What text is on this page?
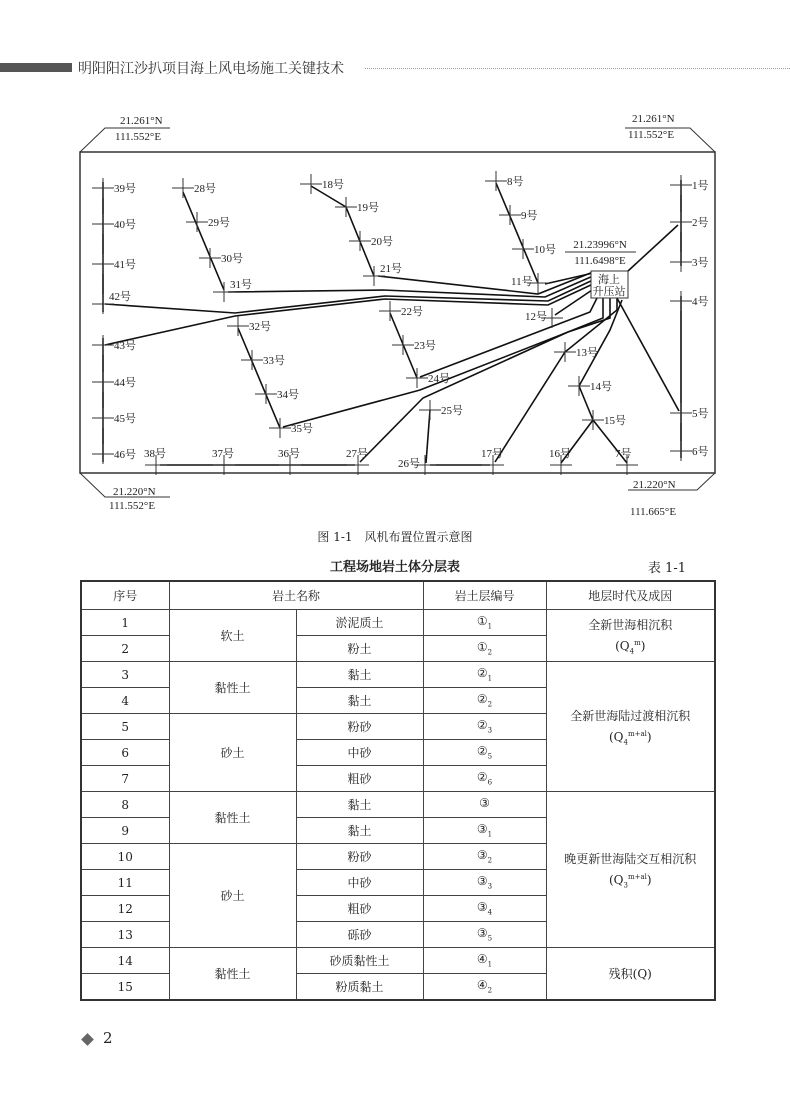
明阳阳江沙扒项目海上风电场施工关键技术
1号
2号
3号
4号
5号
6号
7号
8号
9号
10号
11号
12号
13号
14号
15号
16号
17号
18号
19号
20号
21号
22号
23号
24号
25号
26号
27号
28号
29号
30号
31号
32号
33号
34号
35号
36号
37号
38号
39号
40号
41号
42号
43号
44号
45号
46号
海上
升压站
21.23996°N
111.6498°E
21.261°N
111.552°E
21.261°N
111.552°E
21.220°N
111.552°E
21.220°N
111.665°E
图 1-1　风机布置位置示意图
工程场地岩土体分层表	表 1-1
序号	岩土名称		岩土层编号	地层时代及成因
1	软土	淤泥质土	$①_1$	全新世海相沉积
$(Q_4^m)$

2		粉土	$①_2$
3	黏性土	黏土	$②_1$	全新世海陆过渡相沉积
$(Q_4^{m+al})$

4		黏土	$②_2$
5	砂土	粉砂	$②_3$
6		中砂	$②_5$
7		粗砂	$②_6$
8	黏性土	黏土	③	晚更新世海陆交互相沉积
$(Q_3^{m+al})$

9		黏土	$③_1$
10	砂土	粉砂	$③_2$
11		中砂	$③_3$
12		粗砂	$③_4$
13		砾砂	$③_5$
14	黏性土	砂质黏性土	$④_1$	残积(Q)
15		粉质黏土	$④_2$
2
